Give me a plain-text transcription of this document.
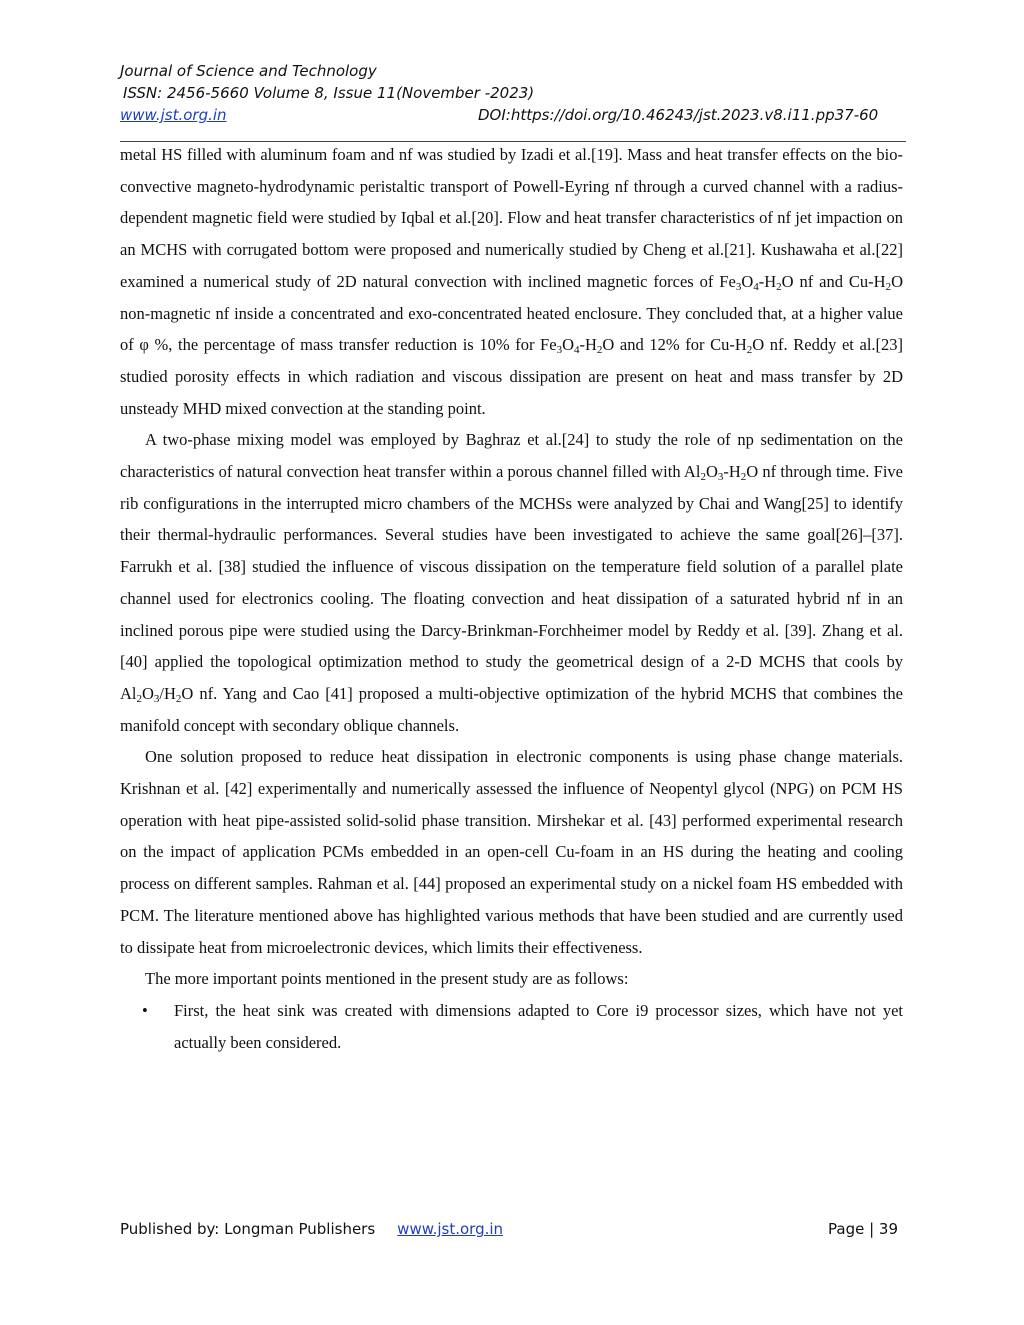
Journal of Science and Technology
ISSN: 2456-5660 Volume 8, Issue 11(November -2023)
www.jst.org.in	DOI:https://doi.org/10.46243/jst.2023.v8.i11.pp37-60

metal HS filled with aluminum foam and nf was studied by Izadi et al.[19]. Mass and heat transfer effects on the bio-convective magneto-hydrodynamic peristaltic transport of Powell-Eyring nf through a curved channel with a radius-dependent magnetic field were studied by Iqbal et al.[20]. Flow and heat transfer characteristics of nf jet impaction on an MCHS with corrugated bottom were proposed and numerically studied by Cheng et al.[21]. Kushawaha et al.[22] examined a numerical study of 2D natural convection with inclined magnetic forces of $Fe_3O_4-H_2O$ nf and $Cu-H_2O$ non-magnetic nf inside a concentrated and exo-concentrated heated enclosure. They concluded that, at a higher value of φ %, the percentage of mass transfer reduction is 10% for $Fe_3O_4-H_2O$ and 12% for $Cu-H_2O$ nf. Reddy et al.[23] studied porosity effects in which radiation and viscous dissipation are present on heat and mass transfer by 2D unsteady MHD mixed convection at the standing point.

A two-phase mixing model was employed by Baghraz et al.[24] to study the role of np sedimentation on the characteristics of natural convection heat transfer within a porous channel filled with $Al_2O_3-H_2O$ nf through time. Five rib configurations in the interrupted micro chambers of the MCHSs were analyzed by Chai and Wang[25] to identify their thermal-hydraulic performances. Several studies have been investigated to achieve the same goal[26]–[37]. Farrukh et al. [38] studied the influence of viscous dissipation on the temperature field solution of a parallel plate channel used for electronics cooling. The floating convection and heat dissipation of a saturated hybrid nf in an inclined porous pipe were studied using the Darcy-Brinkman-Forchheimer model by Reddy et al. [39]. Zhang et al. [40] applied the topological optimization method to study the geometrical design of a 2-D MCHS that cools by $Al_2O_3/H_2O$ nf. Yang and Cao [41] proposed a multi-objective optimization of the hybrid MCHS that combines the manifold concept with secondary oblique channels.

One solution proposed to reduce heat dissipation in electronic components is using phase change materials. Krishnan et al. [42] experimentally and numerically assessed the influence of Neopentyl glycol (NPG) on PCM HS operation with heat pipe-assisted solid-solid phase transition. Mirshekar et al. [43] performed experimental research on the impact of application PCMs embedded in an open-cell Cu-foam in an HS during the heating and cooling process on different samples. Rahman et al. [44] proposed an experimental study on a nickel foam HS embedded with PCM. The literature mentioned above has highlighted various methods that have been studied and are currently used to dissipate heat from microelectronic devices, which limits their effectiveness.

The more important points mentioned in the present study are as follows:

•	First, the heat sink was created with dimensions adapted to Core i9 processor sizes, which have not yet actually been considered.
Published by: Longman Publishers www.jst.org.in	Page | 39
